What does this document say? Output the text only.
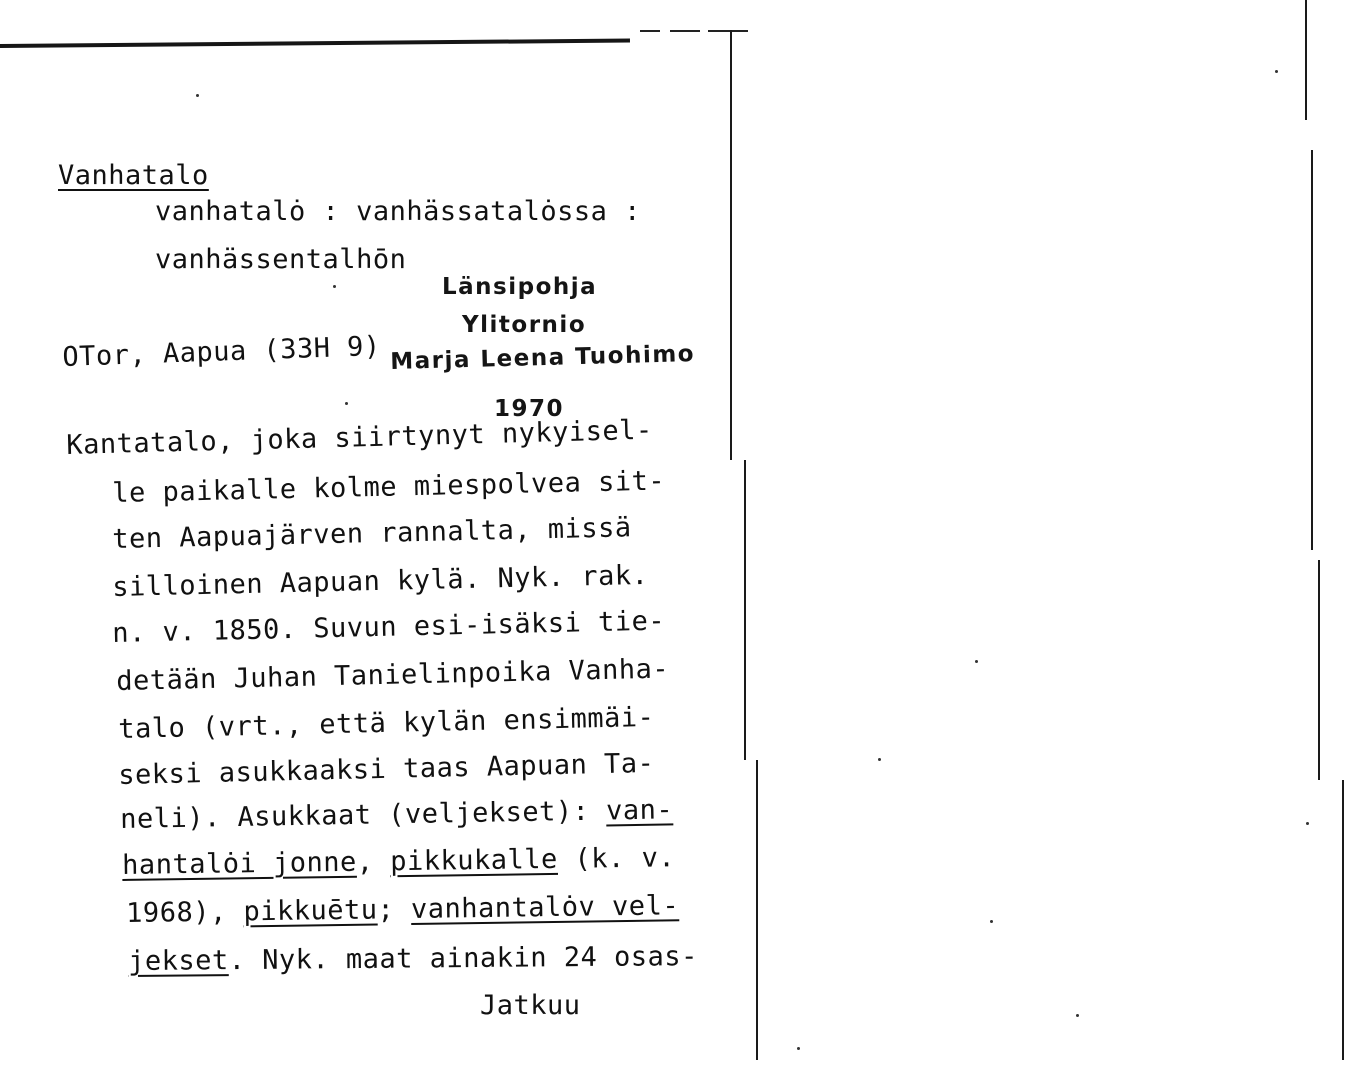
Vanhatalo
vanhatalȯ : vanhässatalȯssa :
vanhässentalhōn
OTor, Aapua (33H 9)
Länsipohja
Ylitornio
Marja Leena Tuohimo
1970
Kantatalo, joka siirtynyt nykyisel-
le paikalle kolme miespolvea sit-
ten Aapuajärven rannalta, missä
silloinen Aapuan kylä. Nyk. rak.
n. v. 1850. Suvun esi-isäksi tie-
detään Juhan Tanielinpoika Vanha-
talo (vrt., että kylän ensimmäi-
seksi asukkaaksi taas Aapuan Ta-
neli). Asukkaat (veljekset): van-
hantalȯi jonne, pikkukalle (k. v.
1968), pikkuētu; vanhantalȯv vel-
jekset. Nyk. maat ainakin 24 osas-
Jatkuu
